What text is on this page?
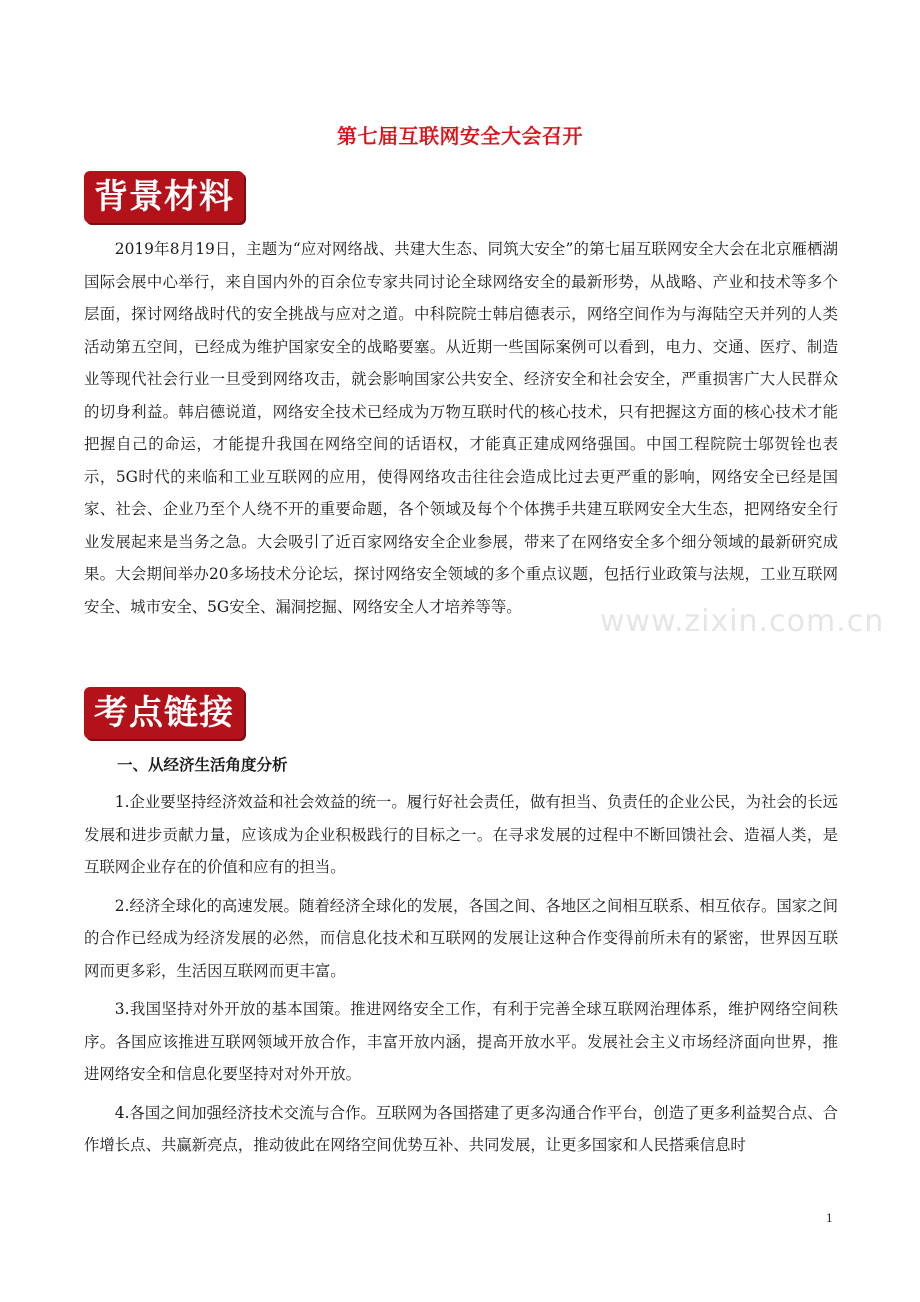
第七届互联网安全大会召开
背景材料
2019年8月19日，主题为“应对网络战、共建大生态、同筑大安全”的第七届互联网安全大会在北京雁栖湖国际会展中心举行，来自国内外的百余位专家共同讨论全球网络安全的最新形势，从战略、产业和技术等多个层面，探讨网络战时代的安全挑战与应对之道。中科院院士韩启德表示，网络空间作为与海陆空天并列的人类活动第五空间，已经成为维护国家安全的战略要塞。从近期一些国际案例可以看到，电力、交通、医疗、制造业等现代社会行业一旦受到网络攻击，就会影响国家公共安全、经济安全和社会安全，严重损害广大人民群众的切身利益。韩启德说道，网络安全技术已经成为万物互联时代的核心技术，只有把握这方面的核心技术才能把握自己的命运，才能提升我国在网络空间的话语权，才能真正建成网络强国。中国工程院院士邬贺铨也表示，5G时代的来临和工业互联网的应用，使得网络攻击往往会造成比过去更严重的影响，网络安全已经是国家、社会、企业乃至个人绕不开的重要命题，各个领域及每个个体携手共建互联网安全大生态，把网络安全行业发展起来是当务之急。大会吸引了近百家网络安全企业参展，带来了在网络安全多个细分领域的最新研究成果。大会期间举办20多场技术分论坛，探讨网络安全领域的多个重点议题，包括行业政策与法规，工业互联网安全、城市安全、5G安全、漏洞挖掘、网络安全人才培养等等。	www.zixin.com.cn
考点链接
一、从经济生活角度分析

1.企业要坚持经济效益和社会效益的统一。履行好社会责任，做有担当、负责任的企业公民，为社会的长远发展和进步贡献力量，应该成为企业积极践行的目标之一。在寻求发展的过程中不断回馈社会、造福人类，是互联网企业存在的价值和应有的担当。

2.经济全球化的高速发展。随着经济全球化的发展，各国之间、各地区之间相互联系、相互依存。国家之间的合作已经成为经济发展的必然，而信息化技术和互联网的发展让这种合作变得前所未有的紧密，世界因互联网而更多彩，生活因互联网而更丰富。

3.我国坚持对外开放的基本国策。推进网络安全工作，有利于完善全球互联网治理体系，维护网络空间秩序。各国应该推进互联网领域开放合作，丰富开放内涵，提高开放水平。发展社会主义市场经济面向世界，推进网络安全和信息化要坚持对对外开放。

4.各国之间加强经济技术交流与合作。互联网为各国搭建了更多沟通合作平台，创造了更多利益契合点、合作增长点、共赢新亮点，推动彼此在网络空间优势互补、共同发展，让更多国家和人民搭乘信息时

1
